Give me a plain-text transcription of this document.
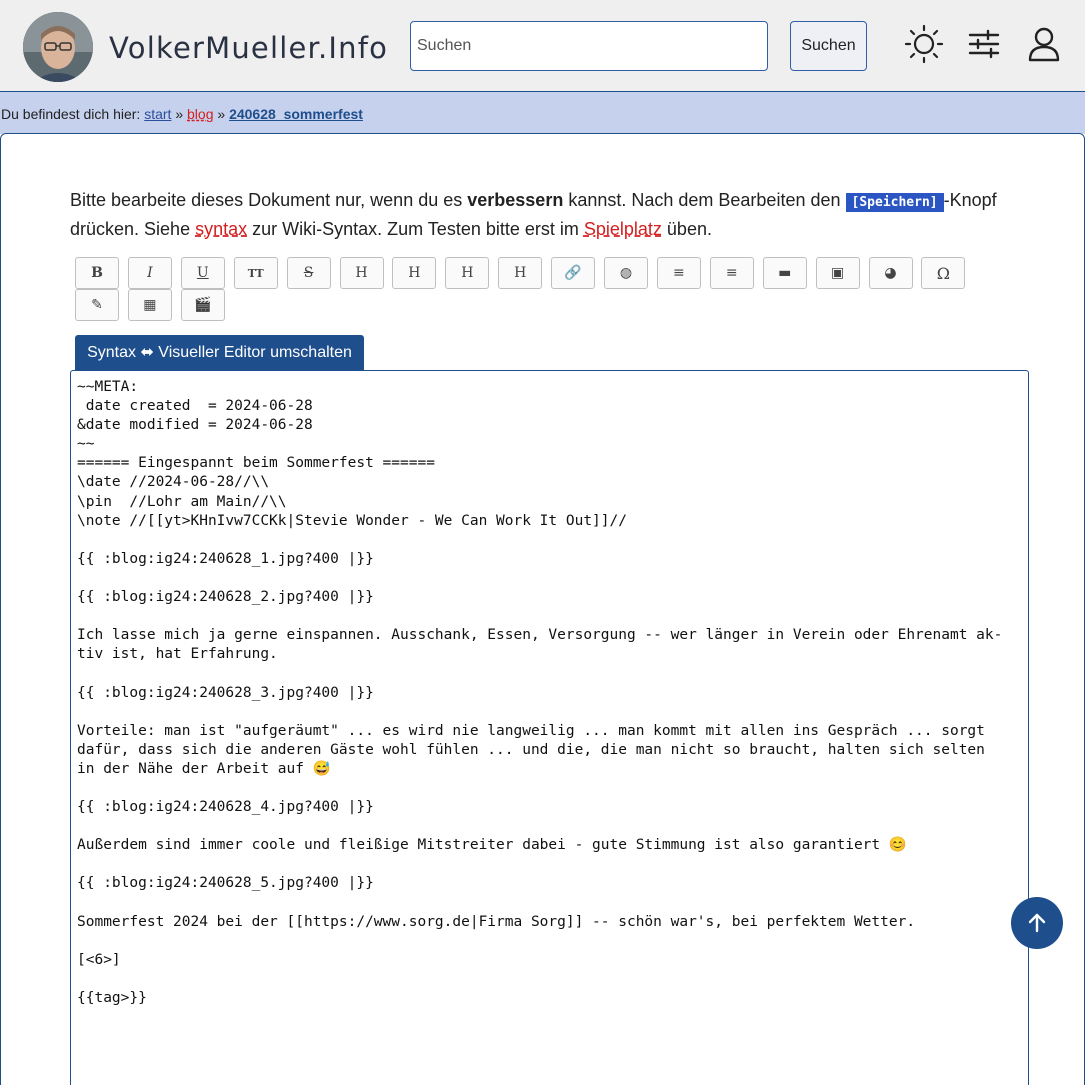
VolkerMueller.Info
Suchen	Suchen
Du befindest dich hier: start » blog » 240628_sommerfest
Bitte bearbeite dieses Dokument nur, wenn du es verbessern kannst. Nach dem Bearbeiten den [Speichern] -Knopf drücken. Siehe syntax zur Wiki-Syntax. Zum Testen bitte erst im Spielplatz üben.
B	I	U	TT	S	H	H	H	H	🔗	◍	≡	≡	▬	▣	◕	Ω
✎	▦	🎬
Syntax ⬌ Visueller Editor umschalten
~~META:
date created  = 2024-06-28
&date modified = 2024-06-28
~~
====== Eingespannt beim Sommerfest ======
\date //2024-06-28//\\
\pin  //Lohr am Main//\\
\note //[[yt>KHnIvw7CCKk|Stevie Wonder - We Can Work It Out]]//

{{ :blog:ig24:240628_1.jpg?400 |}}

{{ :blog:ig24:240628_2.jpg?400 |}}

Ich lasse mich ja gerne einspannen. Ausschank, Essen, Versorgung -- wer länger in Verein oder Ehrenamt ak-
tiv ist, hat Erfahrung.

{{ :blog:ig24:240628_3.jpg?400 |}}

Vorteile: man ist "aufgeräumt" ... es wird nie langweilig ... man kommt mit allen ins Gespräch ... sorgt
dafür, dass sich die anderen Gäste wohl fühlen ... und die, die man nicht so braucht, halten sich selten
in der Nähe der Arbeit auf 😅

{{ :blog:ig24:240628_4.jpg?400 |}}

Außerdem sind immer coole und fleißige Mitstreiter dabei - gute Stimmung ist also garantiert 😊

{{ :blog:ig24:240628_5.jpg?400 |}}

Sommerfest 2024 bei der [[https://www.sorg.de|Firma Sorg]] -- schön war's, bei perfektem Wetter.

[<6>]

{{tag>}}
